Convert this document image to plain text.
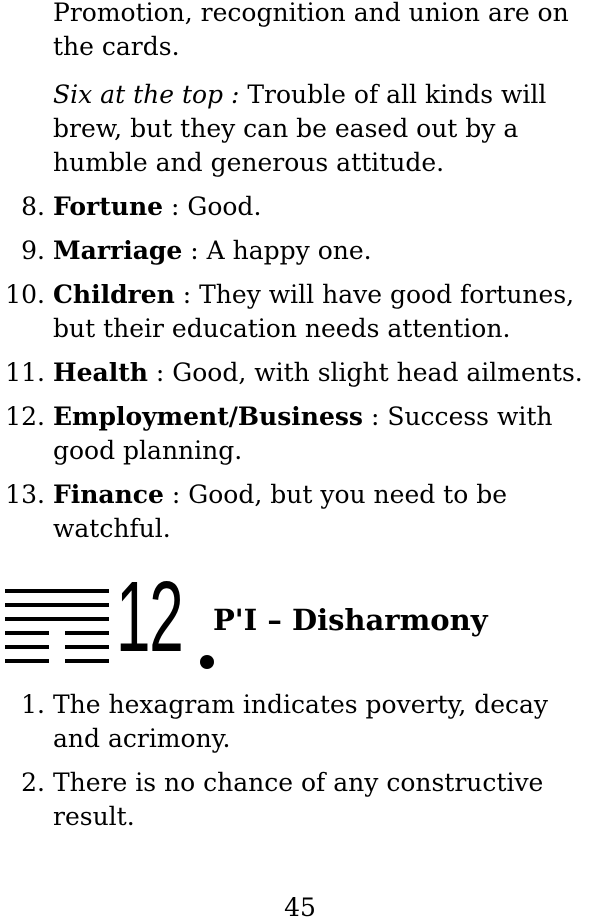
Promotion, recognition and union are on
the cards.
Six at the top : Trouble of all kinds will
brew, but they can be eased out by a
humble and generous attitude.
8. Fortune : Good.
9. Marriage : A happy one.
10. Children : They will have good fortunes,
but their education needs attention.
11. Health : Good, with slight head ailments.
12. Employment/Business : Success with
good planning.
13. Finance : Good, but you need to be
watchful.
12 P'I – Disharmony
1. The hexagram indicates poverty, decay
and acrimony.
2. There is no chance of any constructive
result.
45
